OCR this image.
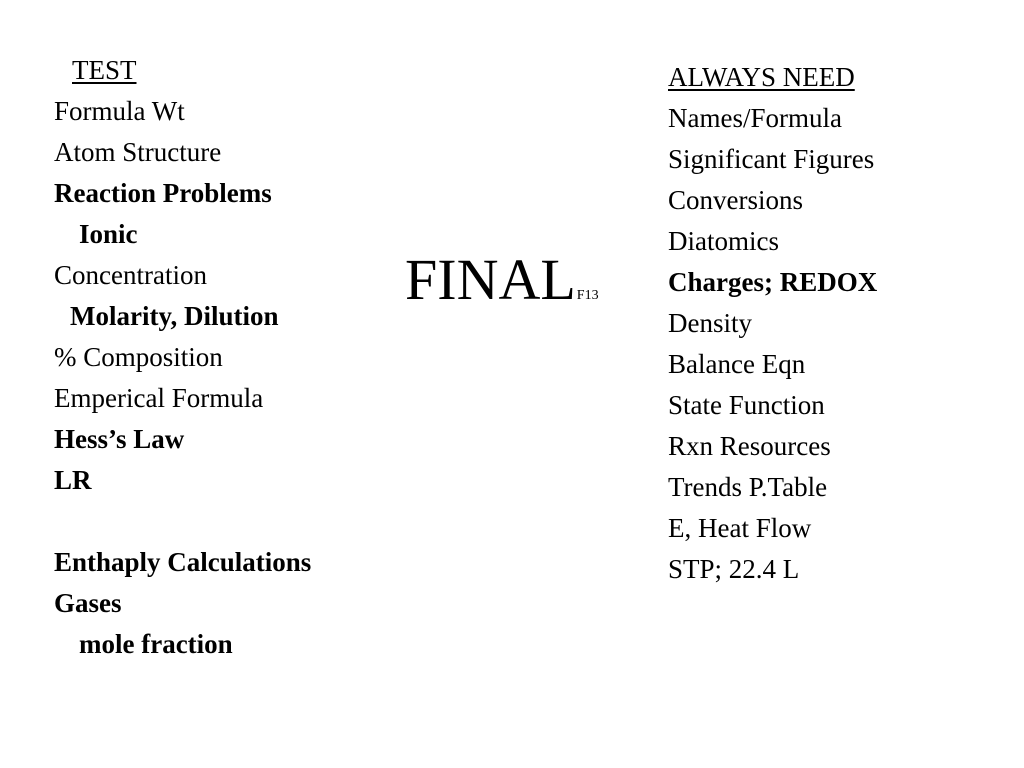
TEST
Formula Wt
Atom Structure
Reaction Problems
Ionic
Concentration
Molarity, Dilution
% Composition
Emperical Formula
Hess’s Law
LR
Enthaply Calculations
Gases
mole fraction
FINALF13
ALWAYS NEED
Names/Formula
Significant Figures
Conversions
Diatomics
Charges; REDOX
Density
Balance Eqn
State Function
Rxn Resources
Trends P.Table
E, Heat Flow
STP; 22.4 L
